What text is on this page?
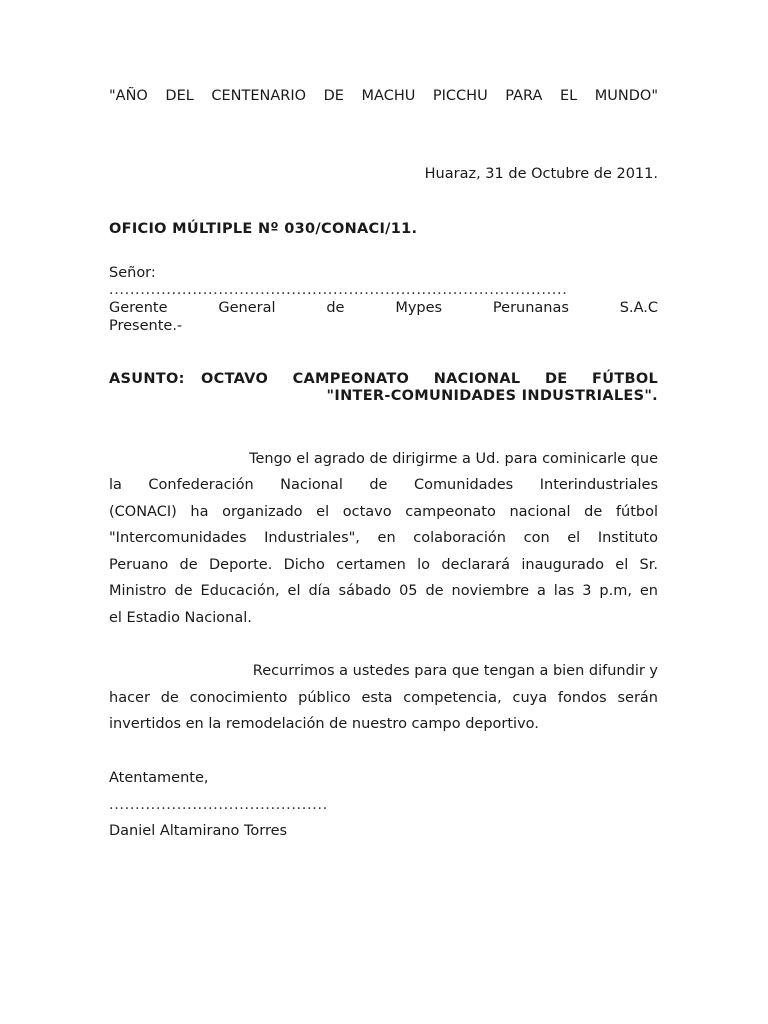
"AÑO DEL CENTENARIO DE MACHU PICCHU PARA EL MUNDO"
Huaraz, 31 de Octubre de 2011.
OFICIO MÚLTIPLE Nº 030/CONACI/11.
Señor:
........................................................................................
Gerente General de Mypes Perunanas S.A.C
Presente.-
ASUNTO: OCTAVO CAMPEONATO NACIONAL DE FÚTBOL
"INTER-COMUNIDADES INDUSTRIALES".
Tengo el agrado de dirigirme a Ud. para cominicarle que
la Confederación Nacional de Comunidades Interindustriales
(CONACI) ha organizado el octavo campeonato nacional de fútbol
"Intercomunidades Industriales", en colaboración con el Instituto
Peruano de Deporte. Dicho certamen lo declarará inaugurado el Sr.
Ministro de Educación, el día sábado 05 de noviembre a las 3 p.m, en
el Estadio Nacional.
Recurrimos a ustedes para que tengan a bien difundir y
hacer de conocimiento público esta competencia, cuya fondos serán
invertidos en la remodelación de nuestro campo deportivo.
Atentamente,
..........................................
Daniel Altamirano Torres
